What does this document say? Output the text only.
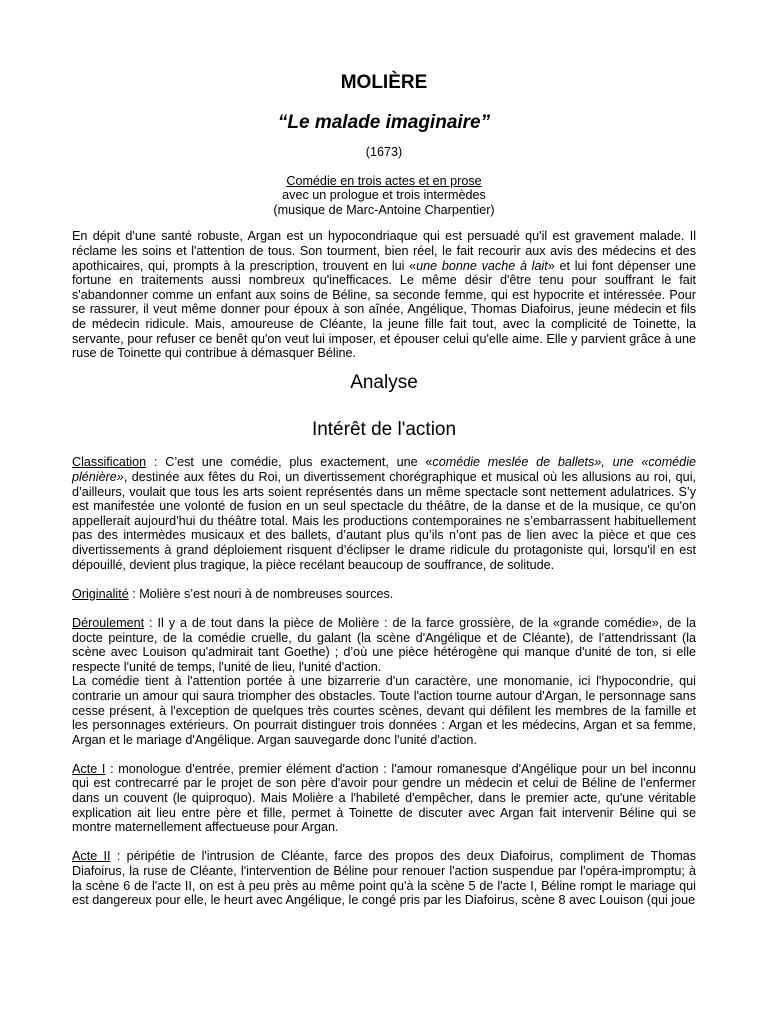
MOLIÈRE
“Le malade imaginaire”
(1673)
Comédie en trois actes et en prose
avec un prologue et trois intermèdes
(musique de Marc-Antoine Charpentier)

En dépit d'une santé robuste, Argan est un hypocondriaque qui est persuadé qu'il est gravement malade. Il réclame les soins et l'attention de tous. Son tourment, bien réel, le fait recourir aux avis des médecins et des apothicaires, qui, prompts à la prescription, trouvent en lui «une bonne vache à lait» et lui font dépenser une fortune en traitements aussi nombreux qu'inefficaces. Le même désir d'être tenu pour souffrant le fait s'abandonner comme un enfant aux soins de Béline, sa seconde femme, qui est hypocrite et intéressée. Pour se rassurer, il veut même donner pour époux à son aînée, Angélique, Thomas Diafoirus, jeune médecin et fils de médecin ridicule. Mais, amoureuse de Cléante, la jeune fille fait tout, avec la complicité de Toinette, la servante, pour refuser ce benêt qu'on veut lui imposer, et épouser celui qu'elle aime. Elle y parvient grâce à une ruse de Toinette qui contribue à démasquer Béline.

Analyse
Intérêt de l'action

Classification : C’est une comédie, plus exactement, une «comédie meslée de ballets», une «comédie plénière», destinée aux fêtes du Roi, un divertissement chorégraphique et musical où les allusions au roi, qui, d’ailleurs, voulait que tous les arts soient représentés dans un même spectacle sont nettement adulatrices. S’y est manifestée une volonté de fusion en un seul spectacle du théâtre, de la danse et de la musique, ce qu'on appellerait aujourd'hui du théâtre total. Mais les productions contemporaines ne s’embarrassent habituellement pas des intermèdes musicaux et des ballets, d’autant plus qu’ils n’ont pas de lien avec la pièce et que ces divertissements à grand déploiement risquent d’éclipser le drame ridicule du protagoniste qui, lorsqu'il en est dépouillé, devient plus tragique, la pièce recélant beaucoup de souffrance, de solitude.

Originalité : Molière s’est nouri à de nombreuses sources.

Déroulement : Il y a de tout dans la pièce de Molière : de la farce grossière, de la «grande comédie», de la docte peinture, de la comédie cruelle, du galant (la scène d'Angélique et de Cléante), de l’attendrissant (la scène avec Louison qu'admirait tant Goethe) ; d’où une pièce hétérogène qui manque d'unité de ton, si elle respecte l'unité de temps, l'unité de lieu, l'unité d'action.

La comédie tient à l'attention portée à une bizarrerie d'un caractère, une monomanie, ici l'hypocondrie, qui contrarie un amour qui saura triompher des obstacles. Toute l'action tourne autour d'Argan, le personnage sans cesse présent, à l'exception de quelques très courtes scènes, devant qui défilent les membres de la famille et les personnages extérieurs. On pourrait distinguer trois données : Argan et les médecins, Argan et sa femme, Argan et le mariage d'Angélique. Argan sauvegarde donc l'unité d'action.

Acte I : monologue d'entrée, premier élément d'action : l'amour romanesque d'Angélique pour un bel inconnu qui est contrecarré par le projet de son père d'avoir pour gendre un médecin et celui de Béline de l'enfermer dans un couvent (le quiproquo). Mais Molière a l'habileté d'empêcher, dans le premier acte, qu'une véritable explication ait lieu entre père et fille, permet à Toinette de discuter avec Argan fait intervenir Béline qui se montre maternellement affectueuse pour Argan.

Acte II : péripétie de l'intrusion de Cléante, farce des propos des deux Diafoirus, compliment de Thomas Diafoirus, la ruse de Cléante, l'intervention de Béline pour renouer l'action suspendue par l'opéra-impromptu; à la scène 6 de l'acte II, on est à peu près au même point qu'à la scène 5 de l'acte I, Béline rompt le mariage qui est dangereux pour elle, le heurt avec Angélique, le congé pris par les Diafoirus, scène 8 avec Louison (qui joue
